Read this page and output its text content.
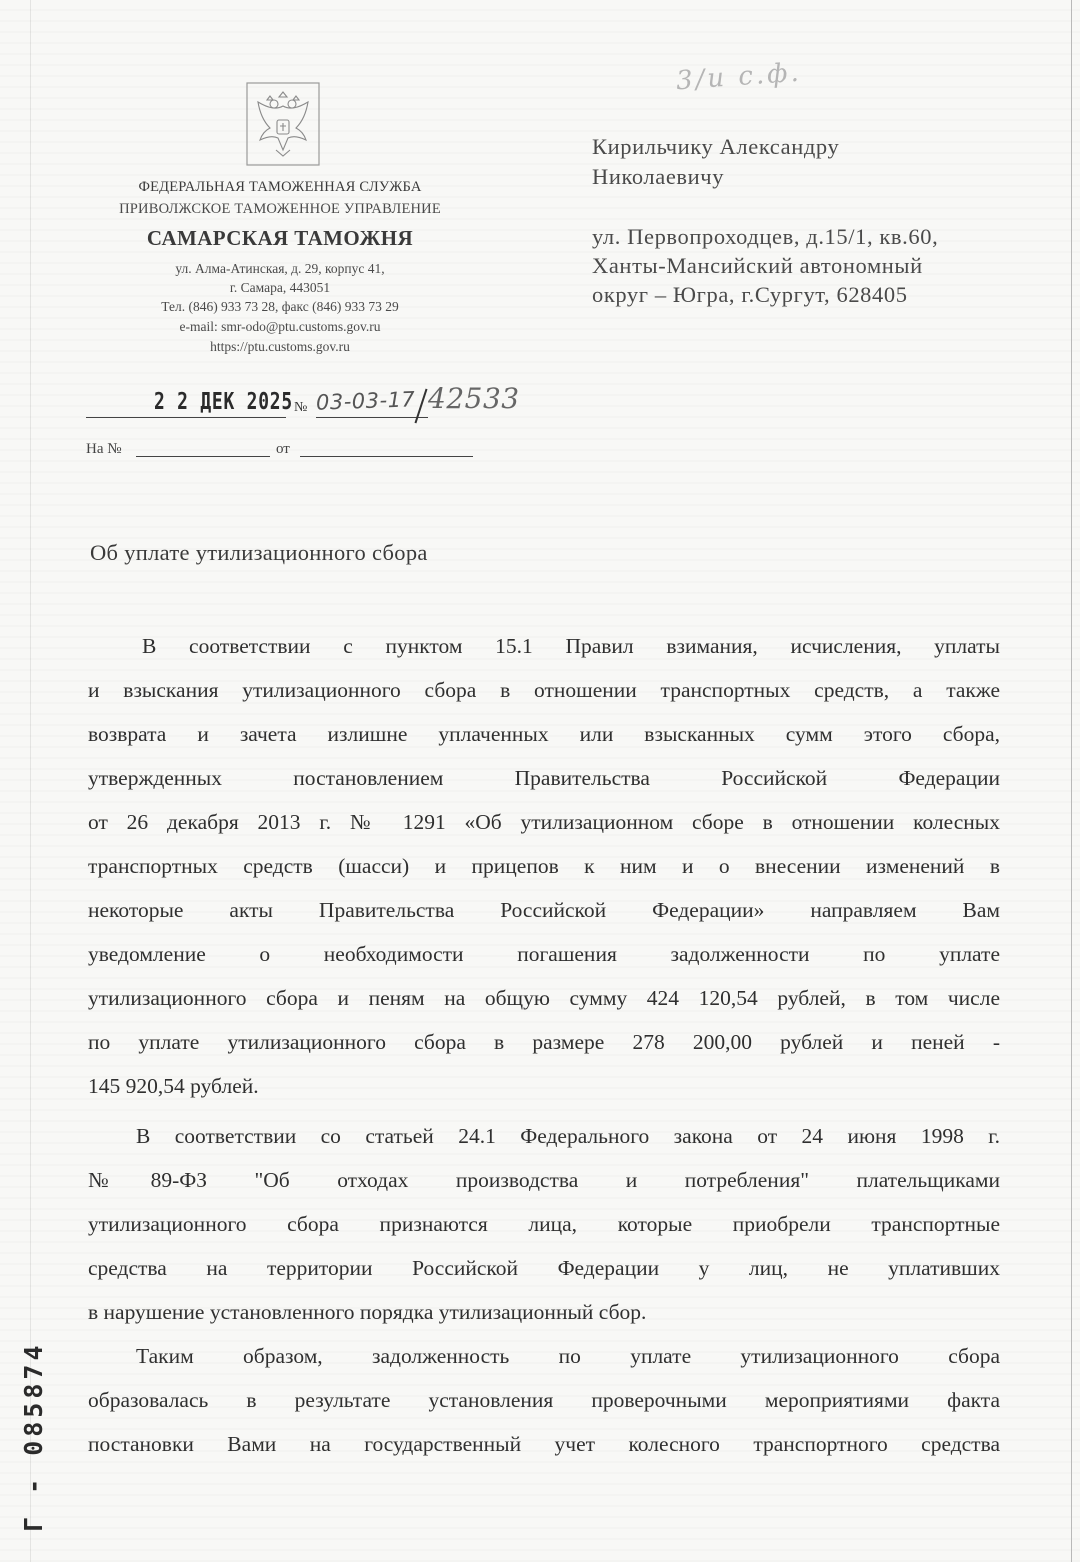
ФЕДЕРАЛЬНАЯ ТАМОЖЕННАЯ СЛУЖБА
ПРИВОЛЖСКОЕ ТАМОЖЕННОЕ УПРАВЛЕНИЕ
САМАРСКАЯ ТАМОЖНЯ
ул. Алма-Атинская, д. 29, корпус 41,
г. Самара, 443051
Тел. (846) 933 73 28, факс (846) 933 73 29
e-mail: smr-odo@ptu.customs.gov.ru
https://ptu.customs.gov.ru
3/и с.ф.
Кирильчику Александру
Николаевичу
ул. Первопроходцев, д.15/1, кв.60,
Ханты-Мансийский автономный
округ – Югра, г.Сургут, 628405
2 2 ДЕК 2025 № 03-03-17 42533
На №	от
Об уплате утилизационного сбора
В соответствии с пунктом 15.1 Правил взимания, исчисления, уплаты
и взыскания утилизационного сбора в отношении транспортных средств, а также
возврата и зачета излишне уплаченных или взысканных сумм этого сбора,
утвержденных постановлением Правительства Российской Федерации
от 26 декабря 2013 г. № 1291 «Об утилизационном сборе в отношении колесных
транспортных средств (шасси) и прицепов к ним и о внесении изменений в
некоторые акты Правительства Российской Федерации» направляем Вам
уведомление о необходимости погашения задолженности по уплате
утилизационного сбора и пеням на общую сумму 424 120,54 рублей, в том числе
по уплате утилизационного сбора в размере 278 200,00 рублей и пеней -
145 920,54 рублей.
В соответствии со статьей 24.1 Федерального закона от 24 июня 1998 г.
№89-ФЗ "Об отходах производства и потребления" плательщиками
утилизационного сбора признаются лица, которые приобрели транспортные
средства на территории Российской Федерации у лиц, не уплативших
в нарушение установленного порядка утилизационный сбор.
Таким образом, задолженность по уплате утилизационного сбора
образовалась в результате установления проверочными мероприятиями факта
постановки Вами на государственный учет колесного транспортного средства
Г - 085874
